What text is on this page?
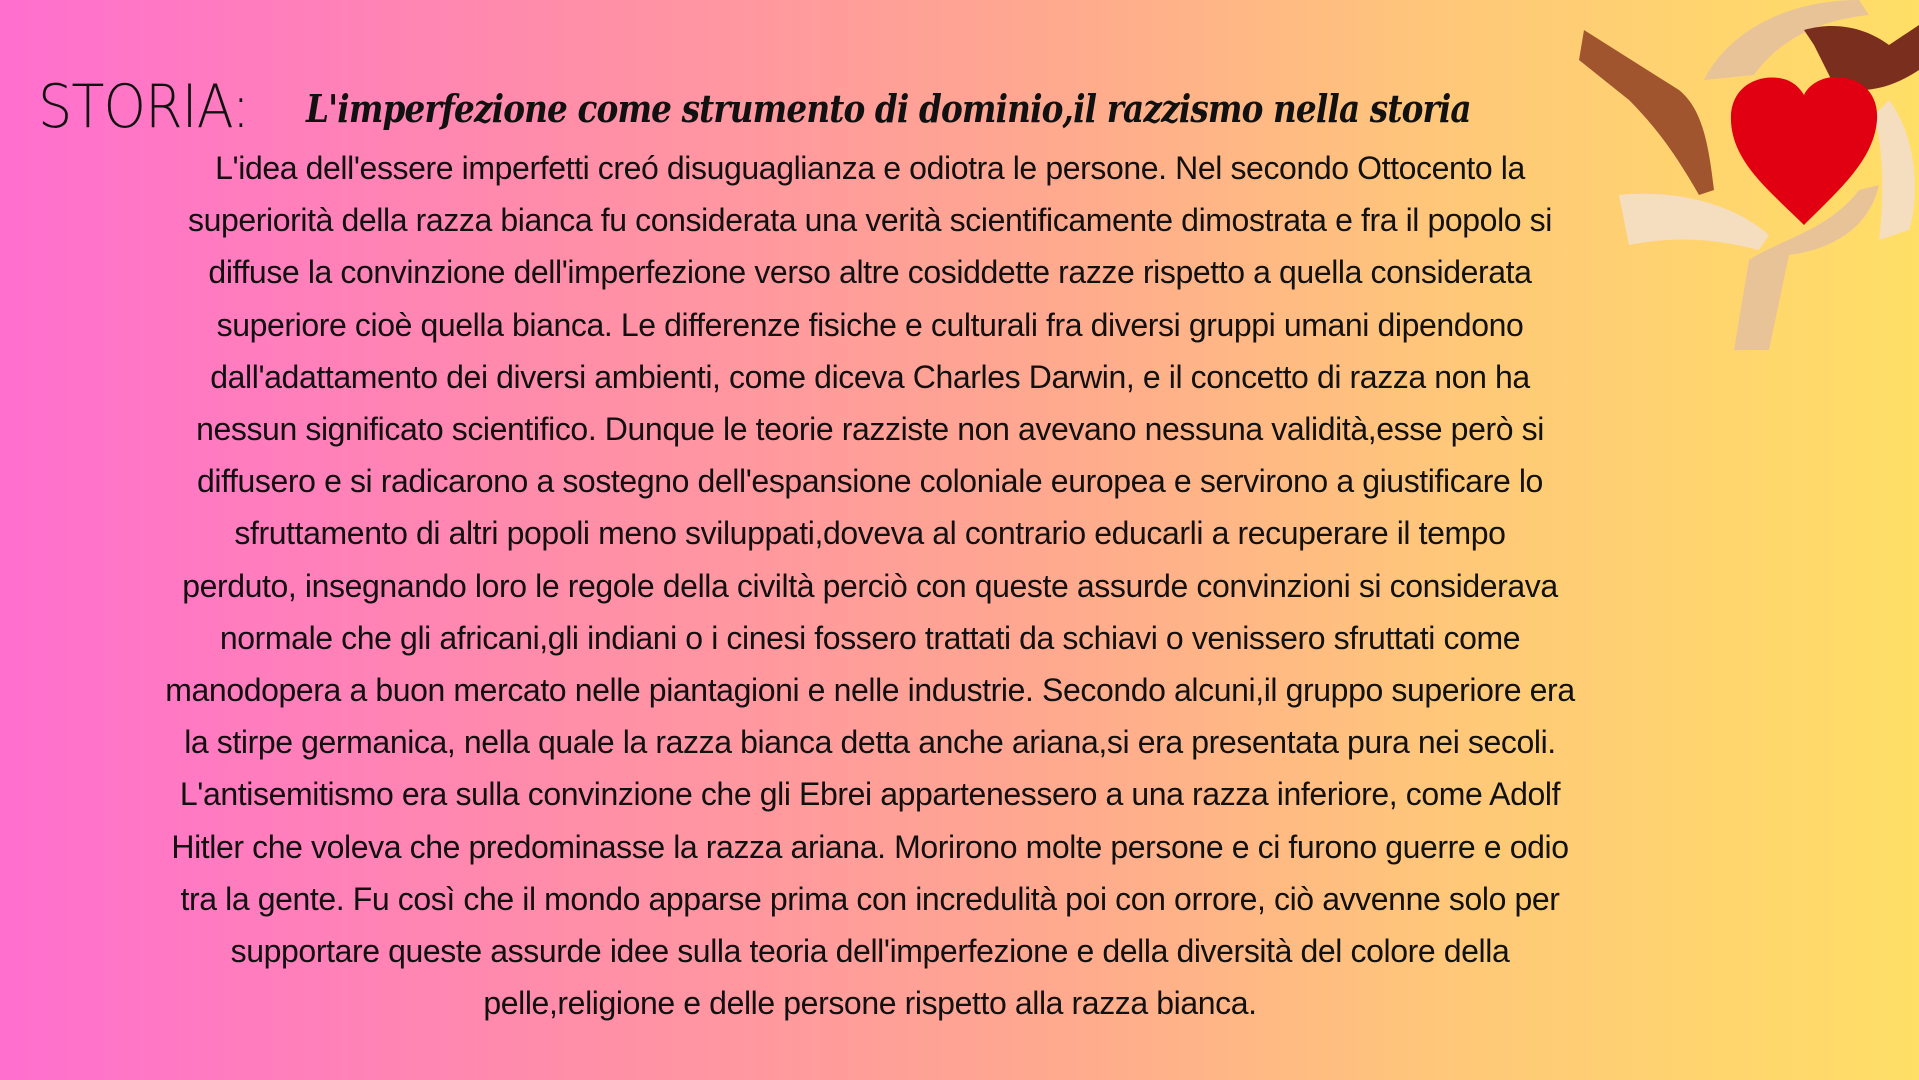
STORIA: L'imperfezione come strumento di dominio,il razzismo nella storia
L'idea dell'essere imperfetti creó disuguaglianza e odiotra le persone. Nel secondo Ottocento la
superiorità della razza bianca fu considerata una verità scientificamente dimostrata e fra il popolo si
diffuse la convinzione dell'imperfezione verso altre cosiddette razze rispetto a quella considerata
superiore cioè quella bianca. Le differenze fisiche e culturali fra diversi gruppi umani dipendono
dall'adattamento dei diversi ambienti, come diceva Charles Darwin, e il concetto di razza non ha
nessun significato scientifico. Dunque le teorie razziste non avevano nessuna validità,esse però si
diffusero e si radicarono a sostegno dell'espansione coloniale europea e servirono a giustificare lo
sfruttamento di altri popoli meno sviluppati,doveva al contrario educarli a recuperare il tempo
perduto, insegnando loro le regole della civiltà perciò con queste assurde convinzioni si considerava
normale che gli africani,gli indiani o i cinesi fossero trattati da schiavi o venissero sfruttati come
manodopera a buon mercato nelle piantagioni e nelle industrie. Secondo alcuni,il gruppo superiore era
la stirpe germanica, nella quale la razza bianca detta anche ariana,si era presentata pura nei secoli.
L'antisemitismo era sulla convinzione che gli Ebrei appartenessero a una razza inferiore, come Adolf
Hitler che voleva che predominasse la razza ariana. Morirono molte persone e ci furono guerre e odio
tra la gente. Fu così che il mondo apparse prima con incredulità poi con orrore, ciò avvenne solo per
supportare queste assurde idee sulla teoria dell'imperfezione e della diversità del colore della
pelle,religione e delle persone rispetto alla razza bianca.
